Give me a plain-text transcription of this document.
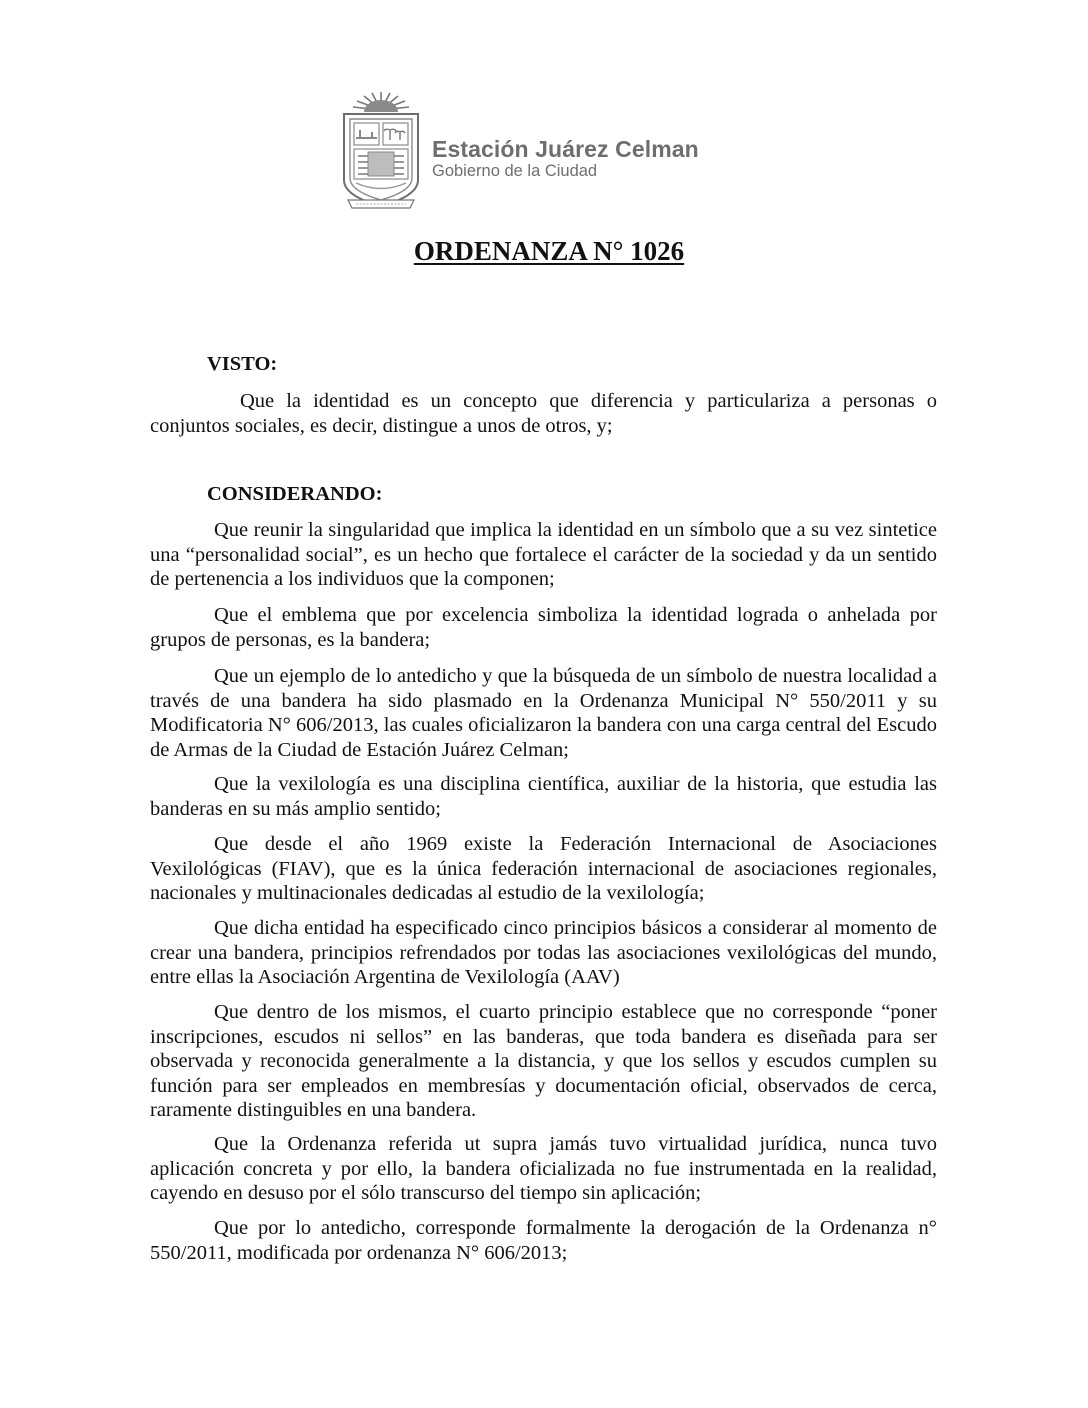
Estación Juárez Celman
Gobierno de la Ciudad
ORDENANZA N° 1026
VISTO:

Que la identidad es un concepto que diferencia y particulariza a personas o conjuntos sociales, es decir, distingue a unos de otros, y;

CONSIDERANDO:

Que reunir la singularidad que implica la identidad en un símbolo que a su vez sintetice una “personalidad social”, es un hecho que fortalece el carácter de la sociedad y da un sentido de pertenencia a los individuos que la componen;

Que el emblema que por excelencia simboliza la identidad lograda o anhelada por grupos de personas, es la bandera;

Que un ejemplo de lo antedicho y que la búsqueda de un símbolo de nuestra localidad a través de una bandera ha sido plasmado en la Ordenanza Municipal N° 550/2011 y su Modificatoria N° 606/2013, las cuales oficializaron la bandera con una carga central del Escudo de Armas de la Ciudad de Estación Juárez Celman;

Que la vexilología es una disciplina científica, auxiliar de la historia, que estudia las banderas en su más amplio sentido;

Que desde el año 1969 existe la Federación Internacional de Asociaciones Vexilológicas (FIAV), que es la única federación internacional de asociaciones regionales, nacionales y multinacionales dedicadas al estudio de la vexilología;

Que dicha entidad ha especificado cinco principios básicos a considerar al momento de crear una bandera, principios refrendados por todas las asociaciones vexilológicas del mundo, entre ellas la Asociación Argentina de Vexilología (AAV)

Que dentro de los mismos, el cuarto principio establece que no corresponde “poner inscripciones, escudos ni sellos” en las banderas, que toda bandera es diseñada para ser observada y reconocida generalmente a la distancia, y que los sellos y escudos cumplen su función para ser empleados en membresías y documentación oficial, observados de cerca, raramente distinguibles en una bandera.

Que la Ordenanza referida ut supra jamás tuvo virtualidad jurídica, nunca tuvo aplicación concreta y por ello, la bandera oficializada no fue instrumentada en la realidad, cayendo en desuso por el sólo transcurso del tiempo sin aplicación;

Que por lo antedicho, corresponde formalmente la derogación de la Ordenanza n° 550/2011, modificada por ordenanza N° 606/2013;
